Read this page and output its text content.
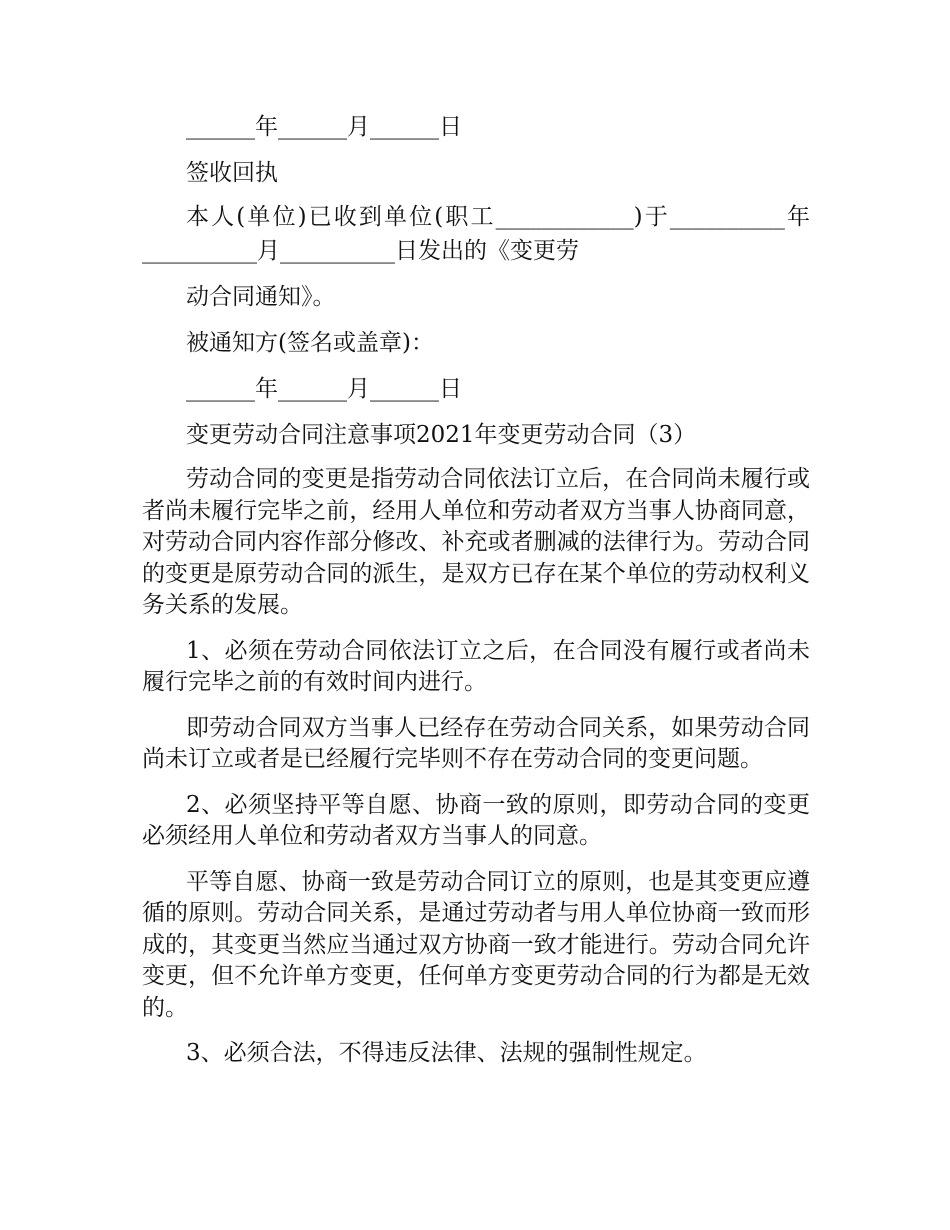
______年______月______日

签收回执

本人(单位)已收到单位(职工____________)于__________年__________月__________日发出的《变更劳

动合同通知》。

被通知方(签名或盖章)：

______年______月______日

变更劳动合同注意事项2021年变更劳动合同（3）

劳动合同的变更是指劳动合同依法订立后，在合同尚未履行或者尚未履行完毕之前，经用人单位和劳动者双方当事人协商同意，对劳动合同内容作部分修改、补充或者删减的法律行为。劳动合同的变更是原劳动合同的派生，是双方已存在某个单位的劳动权利义务关系的发展。

1、必须在劳动合同依法订立之后，在合同没有履行或者尚未履行完毕之前的有效时间内进行。

即劳动合同双方当事人已经存在劳动合同关系，如果劳动合同尚未订立或者是已经履行完毕则不存在劳动合同的变更问题。

2、必须坚持平等自愿、协商一致的原则，即劳动合同的变更必须经用人单位和劳动者双方当事人的同意。

平等自愿、协商一致是劳动合同订立的原则，也是其变更应遵循的原则。劳动合同关系，是通过劳动者与用人单位协商一致而形成的，其变更当然应当通过双方协商一致才能进行。劳动合同允许变更，但不允许单方变更，任何单方变更劳动合同的行为都是无效的。

3、必须合法，不得违反法律、法规的强制性规定。
